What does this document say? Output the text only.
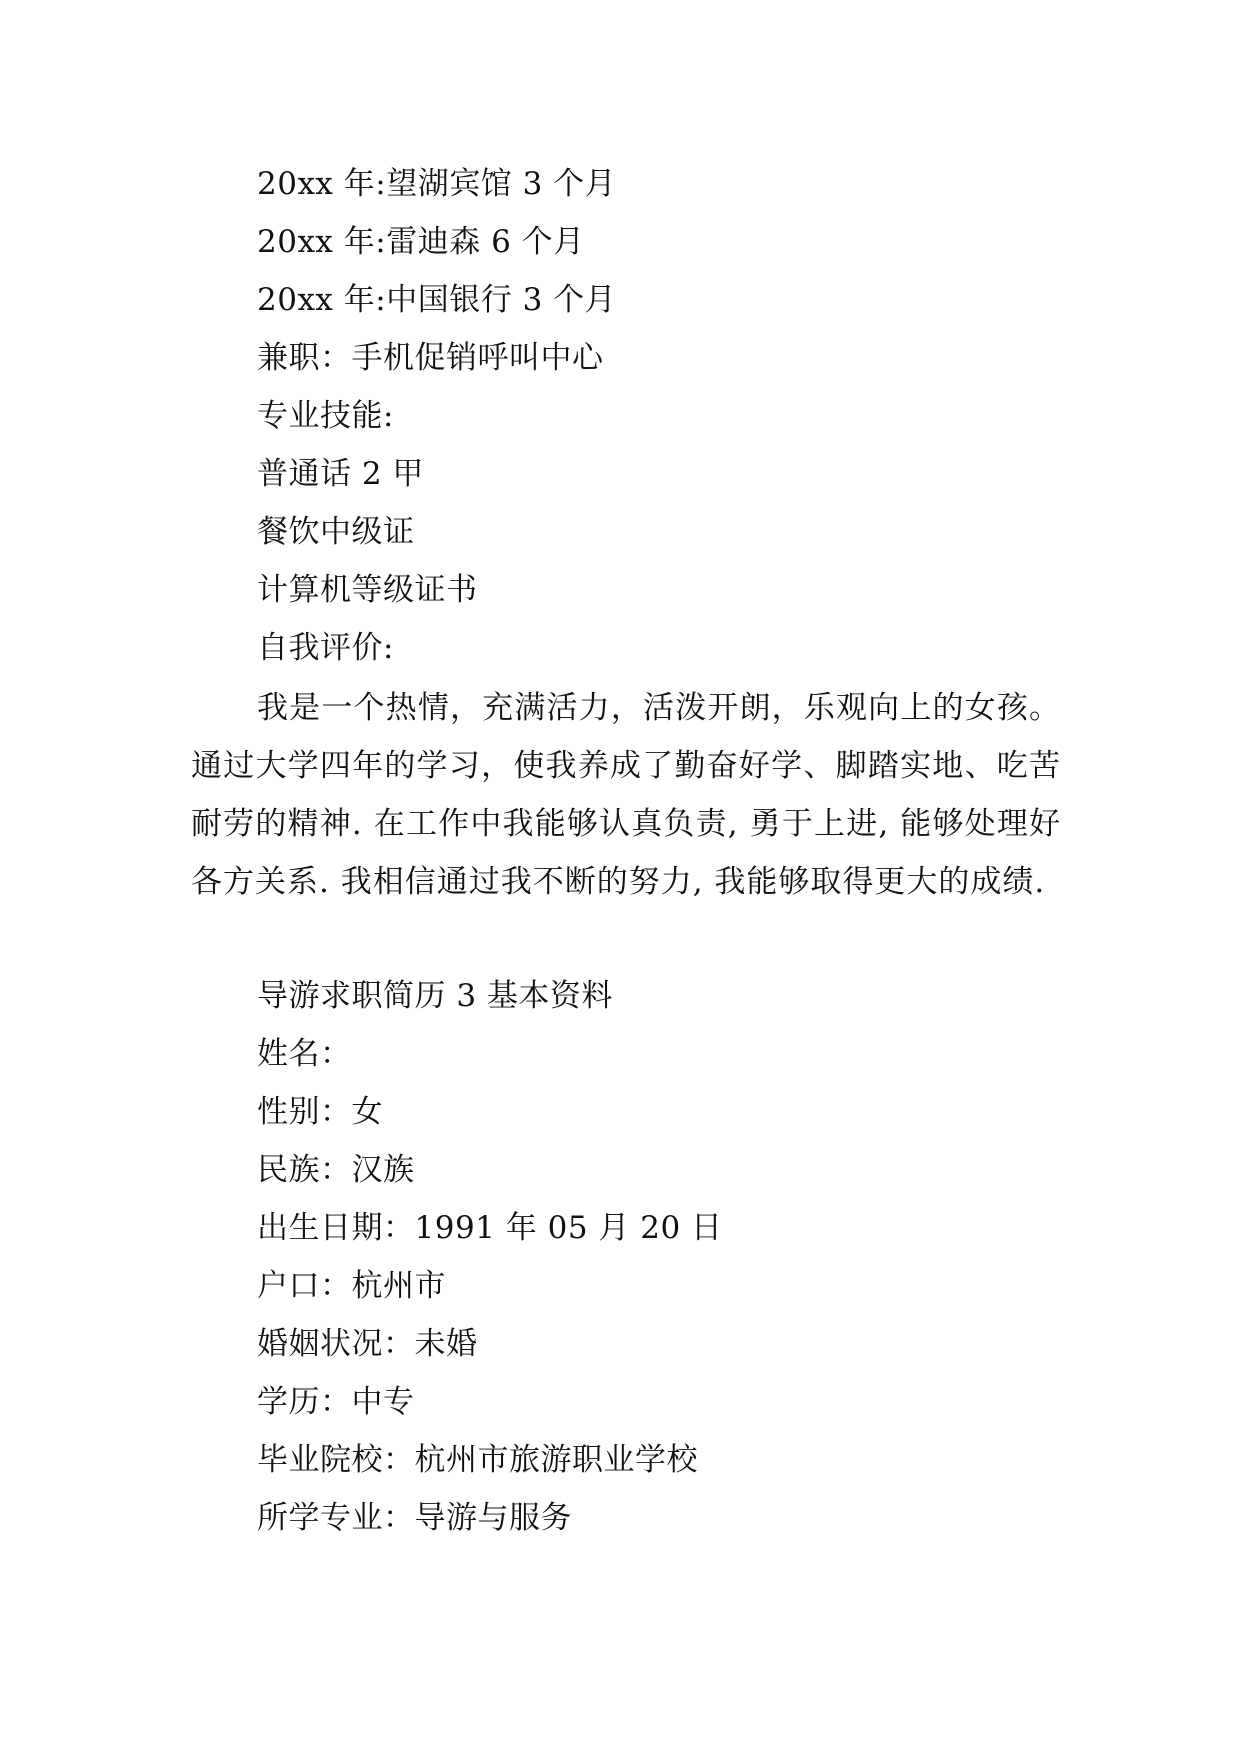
20xx 年:望湖宾馆 3 个月
20xx 年:雷迪森 6 个月
20xx 年:中国银行 3 个月
兼职：手机促销呼叫中心
专业技能:
普通话 2 甲
餐饮中级证
计算机等级证书
自我评价:
我是一个热情，充满活力，活泼开朗，乐观向上的女孩。通过大学四年的学习，使我养成了勤奋好学、脚踏实地、吃苦耐劳的精神. 在工作中我能够认真负责, 勇于上进, 能够处理好各方关系. 我相信通过我不断的努力, 我能够取得更大的成绩.
导游求职简历 3 基本资料
姓名：
性别：女
民族：汉族
出生日期：1991 年 05 月 20 日
户口：杭州市
婚姻状况：未婚
学历：中专
毕业院校：杭州市旅游职业学校
所学专业：导游与服务
